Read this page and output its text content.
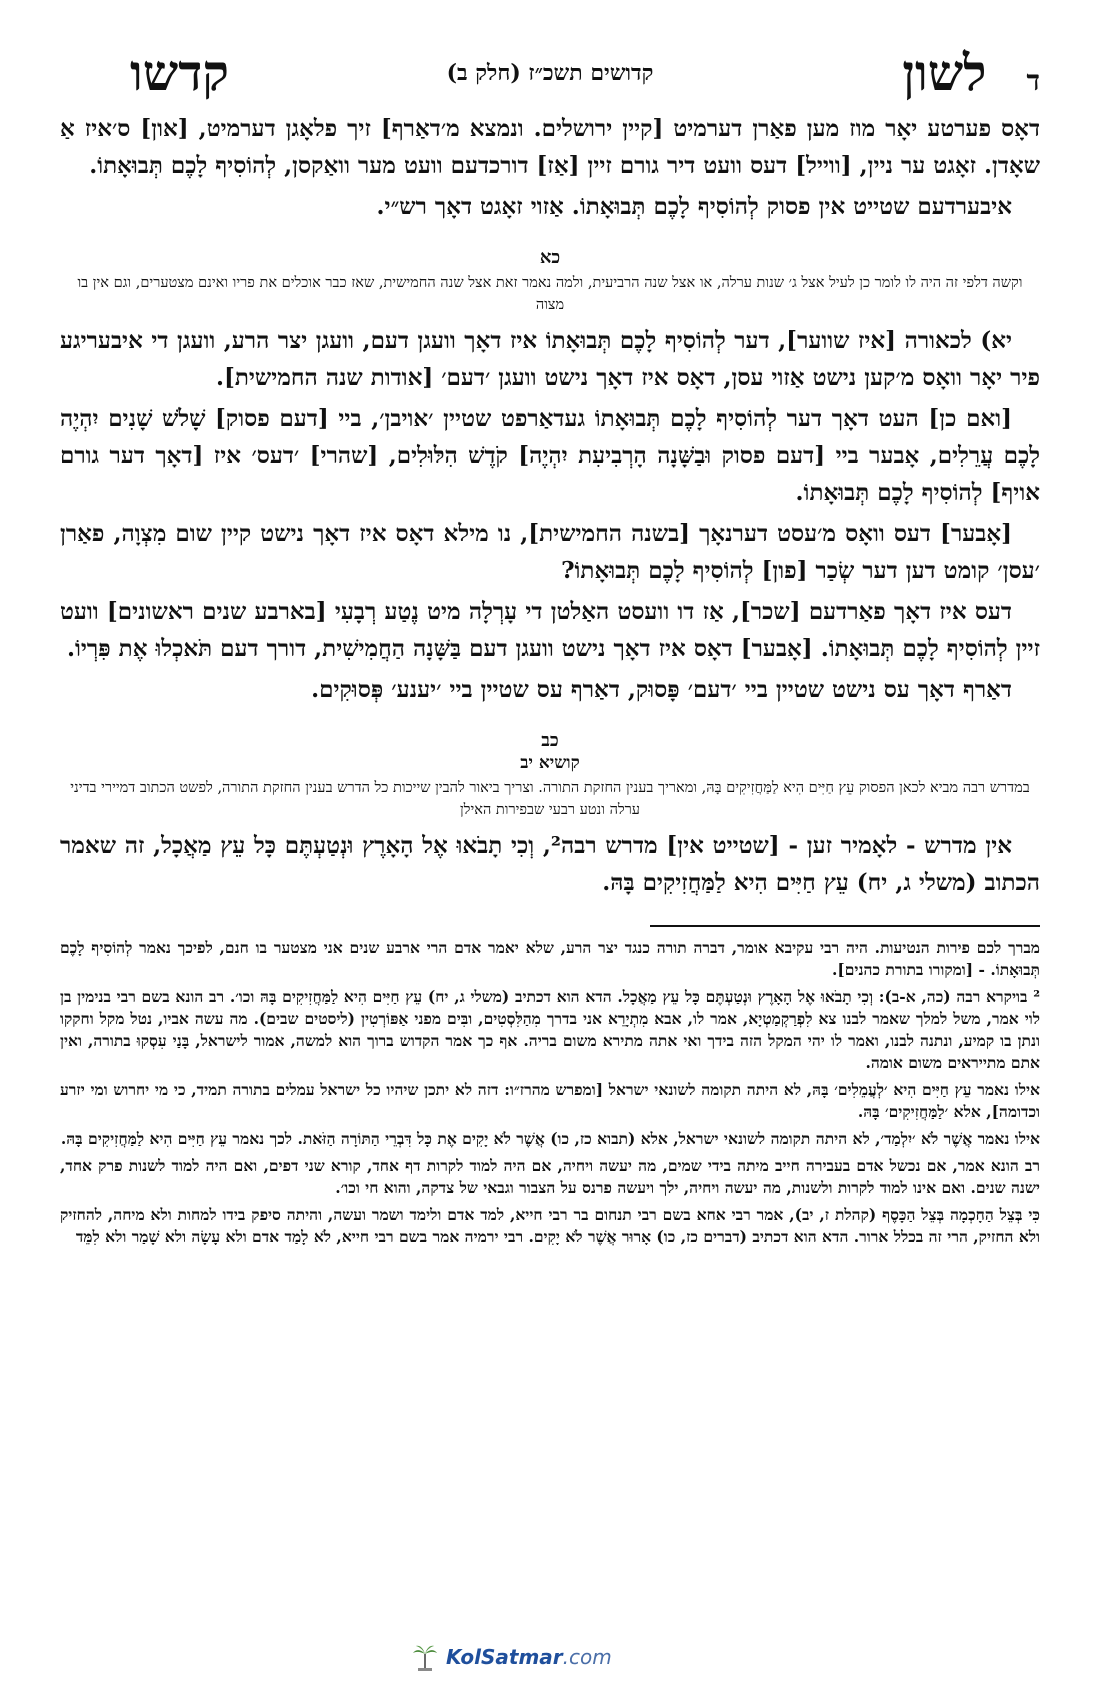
ד
לשון
קדושים תשכ״ז (חלק ב)
קדשו

דאָס פערטע יאָר מוז מען פאַרן דערמיט [קיין ירושלים. ונמצא מ׳דאַרף] זיך פלאָגן דערמיט, [און] ס׳איז אַ שאָדן. זאָגט ער ניין, [ווייל] דעס וועט דיר גורם זיין [אַז] דורכדעם וועט מער וואַקסן, לְהוֹסִיף לָכֶם תְּבוּאָתוֹ.

איבערדעם שטייט אין פסוק לְהוֹסִיף לָכֶם תְּבוּאָתוֹ. אַזוי זאָגט דאָך רש״י.

כא
וקשה דלפי זה היה לו לומר כן לעיל אצל ג׳ שנות ערלה, או אצל שנה הרביעית, ולמה נאמר זאת אצל שנה החמישית, שאז כבר אוכלים את פריו ואינם מצטערים, וגם אין בו מצוה

יא) לכאורה [איז שווער], דער לְהוֹסִיף לָכֶם תְּבוּאָתוֹ איז דאָך וועגן דעם, וועגן יצר הרע, וועגן די איבעריגע פיר יאָר וואָס מ׳קען נישט אַזוי עסן, דאָס איז דאָך נישט וועגן ׳דעם׳ [אודות שנה החמישית].

[ואם כן] העט דאָך דער לְהוֹסִיף לָכֶם תְּבוּאָתוֹ געדאַרפט שטיין ׳אויבן׳, ביי [דעם פסוק] שָׁלֹשׁ שָׁנִים יִהְיֶה לָכֶם עֲרֵלִים, אָבער ביי [דעם פסוק וּבַשָּׁנָה הָרְבִיעִת יִהְיֶה] קֹדֶשׁ הִלּוּלִים, [שהרי] ׳דעס׳ איז [דאָך דער גורם אויף] לְהוֹסִיף לָכֶם תְּבוּאָתוֹ.

[אָבער] דעס וואָס מ׳עסט דערנאָך [בשנה החמישית], נו מילא דאָס איז דאָך נישט קיין שום מִצְוָה, פאַרן ׳עסן׳ קומט דען דער שְׂכַר [פון] לְהוֹסִיף לָכֶם תְּבוּאָתוֹ?

דעס איז דאָך פאַרדעם [שכר], אַז דו וועסט האַלטן די עָרְלָה מיט נֶטַע רְבָעִי [בארבע שנים ראשונים] וועט זיין לְהוֹסִיף לָכֶם תְּבוּאָתוֹ. [אָבער] דאָס איז דאָך נישט וועגן דעם בַּשָּׁנָה הַחֲמִישִׁית, דורך דעם תֹּאכְלוּ אֶת פִּרְיוֹ.

דאַרף דאָך עס נישט שטיין ביי ׳דעם׳ פָּסוּק, דאַרף עס שטיין ביי ׳יענע׳ פְּסוּקִים.

כב
קושיא יב
במדרש רבה מביא לכאן הפסוק עֵץ חַיִּים הִיא לַמַּחֲזִיקִים בָּהּ, ומאריך בענין החזקת התורה. וצריך ביאור להבין שייכות כל הדרש בענין החזקת התורה, לפשט הכתוב דמיירי בדיני ערלה ונטע רבעי שבפירות האילן

אין מדרש - לאָמיר זען - [שטייט אין] מדרש רבה², וְכִי תָבֹאוּ אֶל הָאָרֶץ וּנְטַעְתֶּם כָּל עֵץ מַאֲכָל, זה שאמר הכתוב (משלי ג, יח) עֵץ חַיִּים הִיא לַמַּחֲזִיקִים בָּהּ.

מברך לכם פירות הנטיעות. היה רבי עקיבא אומר, דברה תורה כנגד יצר הרע, שלא יאמר אדם הרי ארבע שנים אני מצטער בו חנם, לפיכך נאמר לְהוֹסִיף לָכֶם תְּבוּאָתוֹ. - [ומקורו בתורת כהנים].

² בויקרא רבה (כה, א-ב): וְכִי תָבֹאוּ אֶל הָאָרֶץ וּנְטַעְתֶּם כָּל עֵץ מַאֲכָל. הדא הוא דכתיב (משלי ג, יח) עֵץ חַיִּים הִיא לַמַּחֲזִיקִים בָּהּ וכו׳. רב הונא בשם רבי בנימין בן לוי אמר, משל למלך שאמר לבנו צא לִפְרַקְמַטְיָא, אמר לו, אבא מִתְיָרֵא אני בדרך מִהַלִּסְטִים, ובִּים מפני אַפּוֹרְטִין (ליסטים שבים). מה עשה אביו, נטל מקל וחקקו ונתן בו קמיע, ונתנה לבנו, ואמר לו יהי המקל הזה בידך ואי אתה מתירא משום בריה. אף כך אמר הקדוש ברוך הוא למשה, אמור לישראל, בָּנַי עִסְקוּ בתורה, ואין אתם מתייראים משום אומה.

אילו נאמר עֵץ חַיִּים הִיא ׳לְעֲמֵלִים׳ בָּהּ, לא היתה תקומה לשונאי ישראל [ומפרש מהרז״ו: דזה לא יתכן שיהיו כל ישראל עמלים בתורה תמיד, כי מי יחרוש ומי יזרע וכדומה], אלא ׳לַמַּחֲזִיקִים׳ בָּהּ.

אילו נאמר אֲשֶׁר לֹא ׳יִלְמַד׳, לא היתה תקומה לשונאי ישראל, אלא (תבוא כז, כו) אֲשֶׁר לֹא יָקִים אֶת כָּל דִּבְרֵי הַתּוֹרָה הַזֹּאת. לכך נאמר עֵץ חַיִּים הִיא לַמַּחֲזִיקִים בָּהּ.

רב הונא אמר, אם נכשל אדם בעבירה חייב מיתה בידי שמים, מה יעשה ויחיה, אם היה למוד לקרות דף אחד, קורא שני דפים, ואם היה למוד לשנות פרק אחד, ישנה שנים. ואם אינו למוד לקרות ולשנות, מה יעשה ויחיה, ילך ויעשה פרנס על הצבור וגבאי של צדקה, והוא חי וכו׳.

כִּי בְּצֵל הַחָכְמָה בְּצֵל הַכָּסֶף (קהלת ז, יב), אמר רבי אחא בשם רבי תנחום בר רבי חייא, למד אדם ולימד ושמר ועשה, והיתה סיפק בידו למחות ולא מיחה, להחזיק ולא החזיק, הרי זה בכלל ארור. הדא הוא דכתיב (דברים כז, כו) אָרוּר אֲשֶׁר לֹא יָקִים. רבי ירמיה אמר בשם רבי חייא, לֹא לָמַד אדם ולא עָשָׂה ולא שָׁמַר ולא לִמֵּד

KolSatmar.com
